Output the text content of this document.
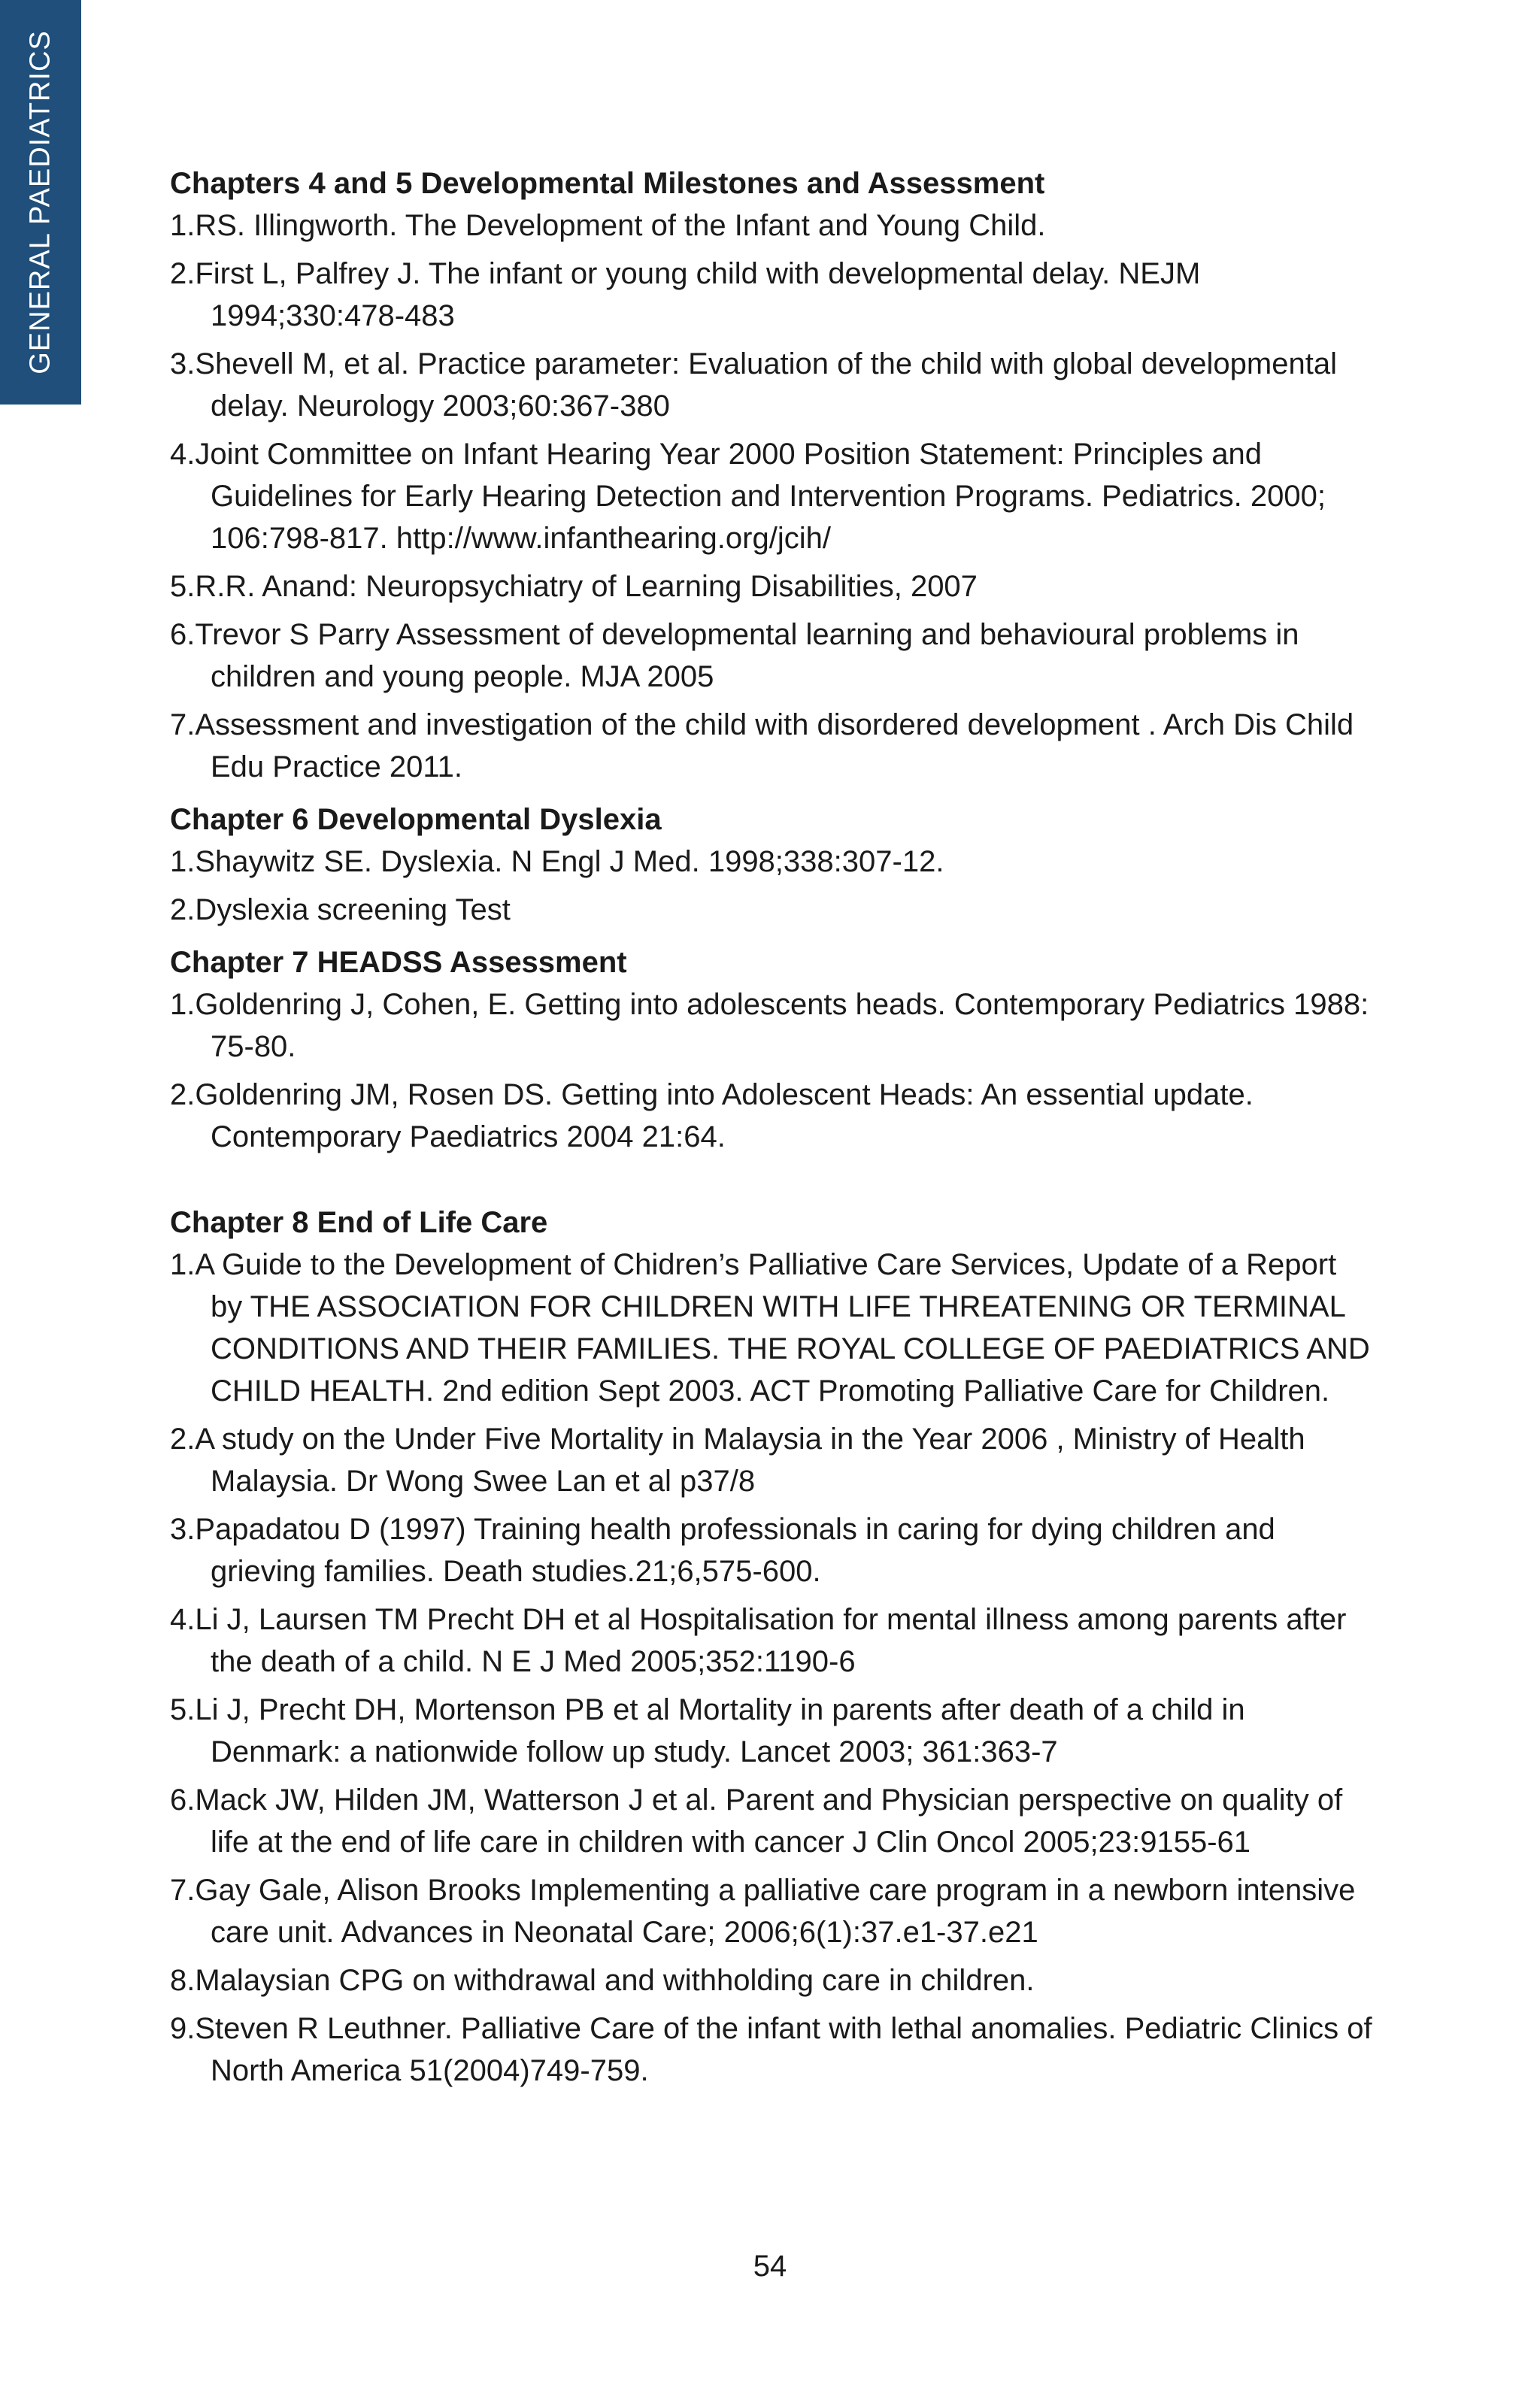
GENERAL PAEDIATRICS	Chapters 4 and 5 Developmental Milestones and Assessment
1.RS. Illingworth. The Development of the Infant and Young Child.
2.First L, Palfrey J. The infant or young child with developmental delay. NEJM 1994;330:478-483
3.Shevell M, et al. Practice parameter: Evaluation of the child with global developmental delay. Neurology 2003;60:367-380
4.Joint Committee on Infant Hearing Year 2000 Position Statement: Principles and Guidelines for Early Hearing Detection and Intervention Programs. Pediatrics. 2000; 106:798-817. http://www.infanthearing.org/jcih/
5.R.R. Anand: Neuropsychiatry of Learning Disabilities, 2007
6.Trevor S Parry Assessment of developmental learning and behavioural problems in children and young people. MJA 2005
7.Assessment and investigation of the child with disordered development . Arch Dis Child Edu Practice 2011.
Chapter 6 Developmental Dyslexia
1.Shaywitz SE. Dyslexia. N Engl J Med. 1998;338:307-12.
2.Dyslexia screening Test
Chapter 7 HEADSS Assessment
1.Goldenring J, Cohen, E. Getting into adolescents heads. Contemporary Pediatrics 1988: 75-80.
2.Goldenring JM, Rosen DS. Getting into Adolescent Heads: An essential update. Contemporary Paediatrics 2004 21:64.
Chapter 8 End of Life Care
1.A Guide to the Development of Chidren’s Palliative Care Services, Update of a Report by THE ASSOCIATION FOR CHILDREN WITH LIFE THREATENING OR TERMINAL CONDITIONS AND THEIR FAMILIES. THE ROYAL COLLEGE OF PAEDIATRICS AND CHILD HEALTH. 2nd edition Sept 2003. ACT Promoting Palliative Care for Children.
2.A study on the Under Five Mortality in Malaysia in the Year 2006 , Ministry of Health Malaysia. Dr Wong Swee Lan et al p37/8
3.Papadatou D (1997) Training health professionals in caring for dying children and grieving families. Death studies.21;6,575-600.
4.Li J, Laursen TM Precht DH et al Hospitalisation for mental illness among parents after the death of a child. N E J Med 2005;352:1190-6
5.Li J, Precht DH, Mortenson PB et al Mortality in parents after death of a child in Denmark: a nationwide follow up study. Lancet 2003; 361:363-7
6.Mack JW, Hilden JM, Watterson J et al. Parent and Physician perspective on quality of life at the end of life care in children with cancer J Clin Oncol 2005;23:9155-61
7.Gay Gale, Alison Brooks Implementing a palliative care program in a newborn intensive care unit. Advances in Neonatal Care; 2006;6(1):37.e1-37.e21
8.Malaysian CPG on withdrawal and withholding care in children.
9.Steven R Leuthner. Palliative Care of the infant with lethal anomalies. Pediatric Clinics of North America 51(2004)749-759.
54
